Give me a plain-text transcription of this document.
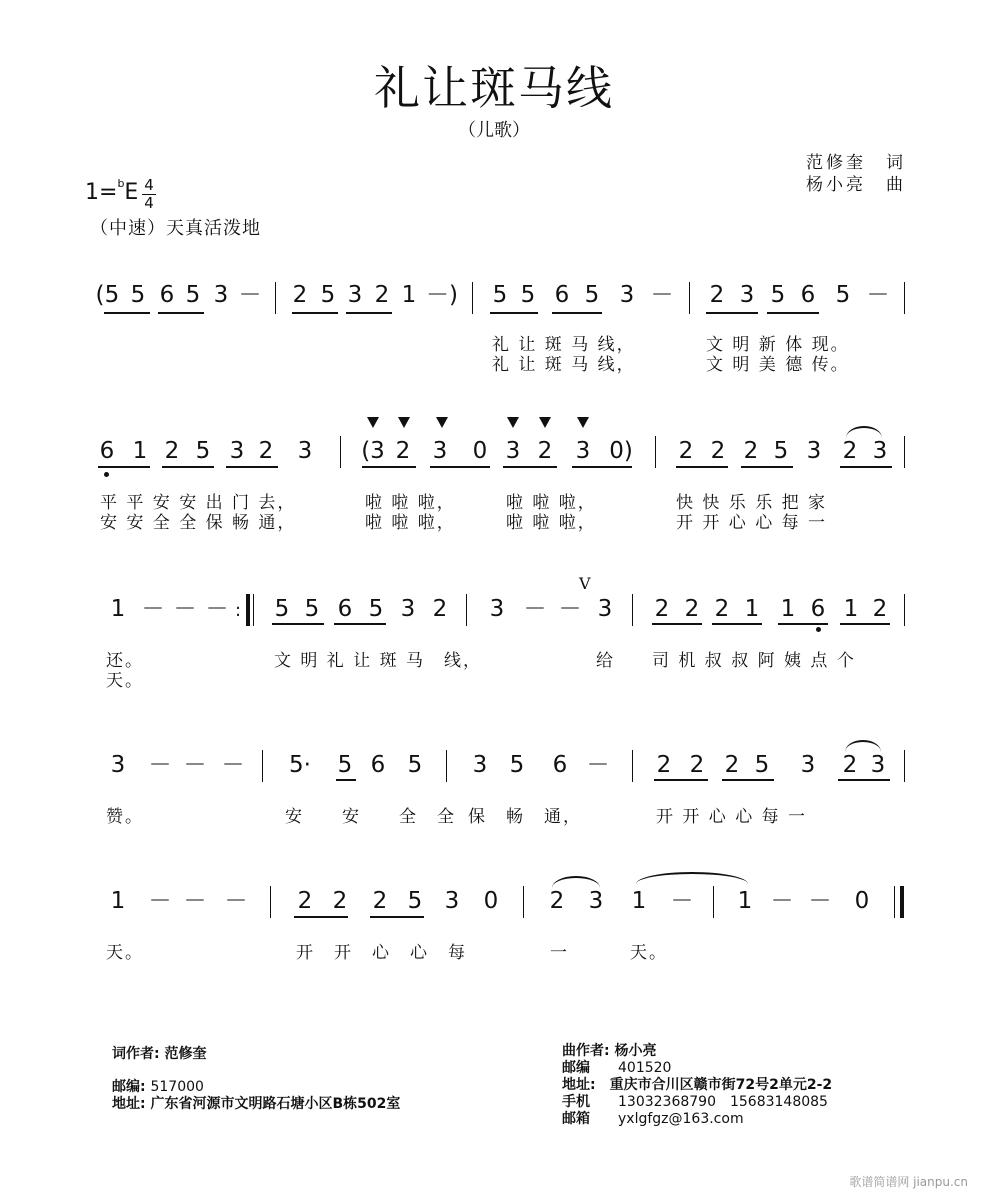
礼让斑马线
（儿歌）
范修奎　词
杨小亮　曲
1=$^b$E 4
4
（中速）天真活泼地
( 5 5 6 5 3 － 2 5 3 2 1 －) 5 5 6 5 3 － 2 3 5 6 5 －
6 1 2 5 3 2 3 (3 2 3 0 3 2 3 0) 2 2 2 5 3 2 3
1 － － － 5 5 6 5 3 2 3 － － 3 2 2 2 1 1 6 1 2
3 － － － 5· 5 6 5 3 5 6 － 2 2 2 5 3 2 3
1 － － － 2 2 2 5 3 0 2 3 1 － 1 － － 0
礼 让 斑 马 线，	文 明 新 体 现。
礼 让 斑 马 线，	文 明 美 德 传。
平 平 安 安 出 门 去，	啦 啦 啦，	啦 啦 啦，	快 快 乐 乐 把 家
安 安 全 全 保 畅 通，	啦 啦 啦，	啦 啦 啦，	开 开 心 心 每 一
:
V
还。
天。
文 明 礼 让 斑 马　线，	给 司 机 叔 叔 阿 姨 点 个
赞。	安　　安　　全　全 保　畅　通，	开 开 心 心 每 一
天。	开　开　心　心　每	一	天。
词作者: 范修奎
邮编: 517000
地址: 广东省河源市文明路石塘小区B栋502室
曲作者: 杨小亮
邮编　　 401520
地址:　 重庆市合川区赣市街72号2单元2-2
手机　　 13032368790　15683148085
邮箱　　 yxlgfgz@163.com
歌谱简谱网 jianpu.cn
